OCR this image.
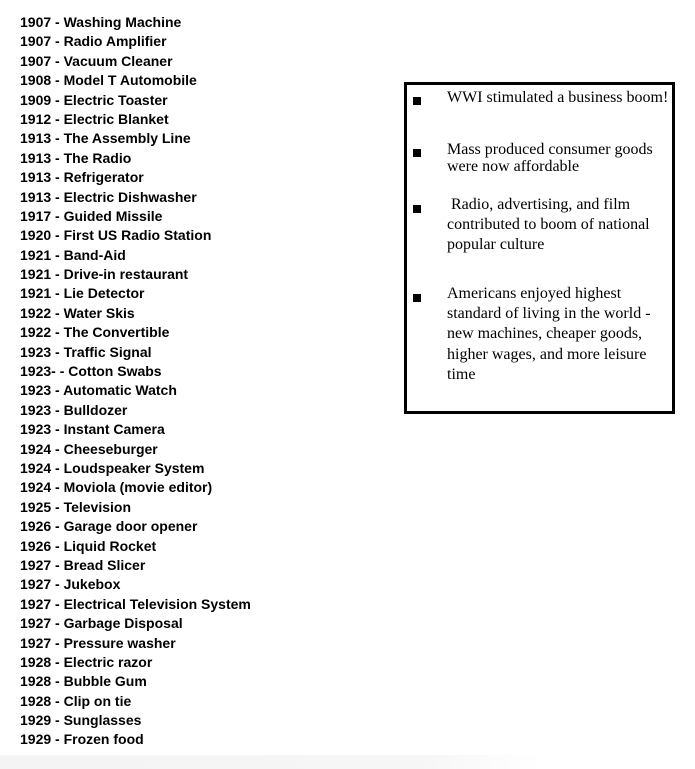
1907 - Washing Machine
1907 - Radio Amplifier
1907 - Vacuum Cleaner
1908 - Model T Automobile
1909 - Electric Toaster
1912 - Electric Blanket
1913 - The Assembly Line
1913 - The Radio
1913 - Refrigerator
1913 - Electric Dishwasher
1917 - Guided Missile
1920 - First US Radio Station
1921 - Band-Aid
1921 - Drive-in restaurant
1921 - Lie Detector
1922 - Water Skis
1922 - The Convertible
1923 - Traffic Signal
1923- - Cotton Swabs
1923 - Automatic Watch
1923 - Bulldozer
1923 - Instant Camera
1924 - Cheeseburger
1924 - Loudspeaker System
1924 - Moviola (movie editor)
1925 - Television
1926 - Garage door opener
1926 - Liquid Rocket
1927 - Bread Slicer
1927 - Jukebox
1927 - Electrical Television System
1927 - Garbage Disposal
1927 - Pressure washer
1928 - Electric razor
1928 - Bubble Gum
1928 - Clip on tie
1929 - Sunglasses
1929 - Frozen food
WWI stimulated a business boom!
Mass produced consumer goods were now affordable
Radio, advertising, and film contributed to boom of national popular culture
Americans enjoyed highest standard of living in the world - new machines, cheaper goods, higher wages, and more leisure time
